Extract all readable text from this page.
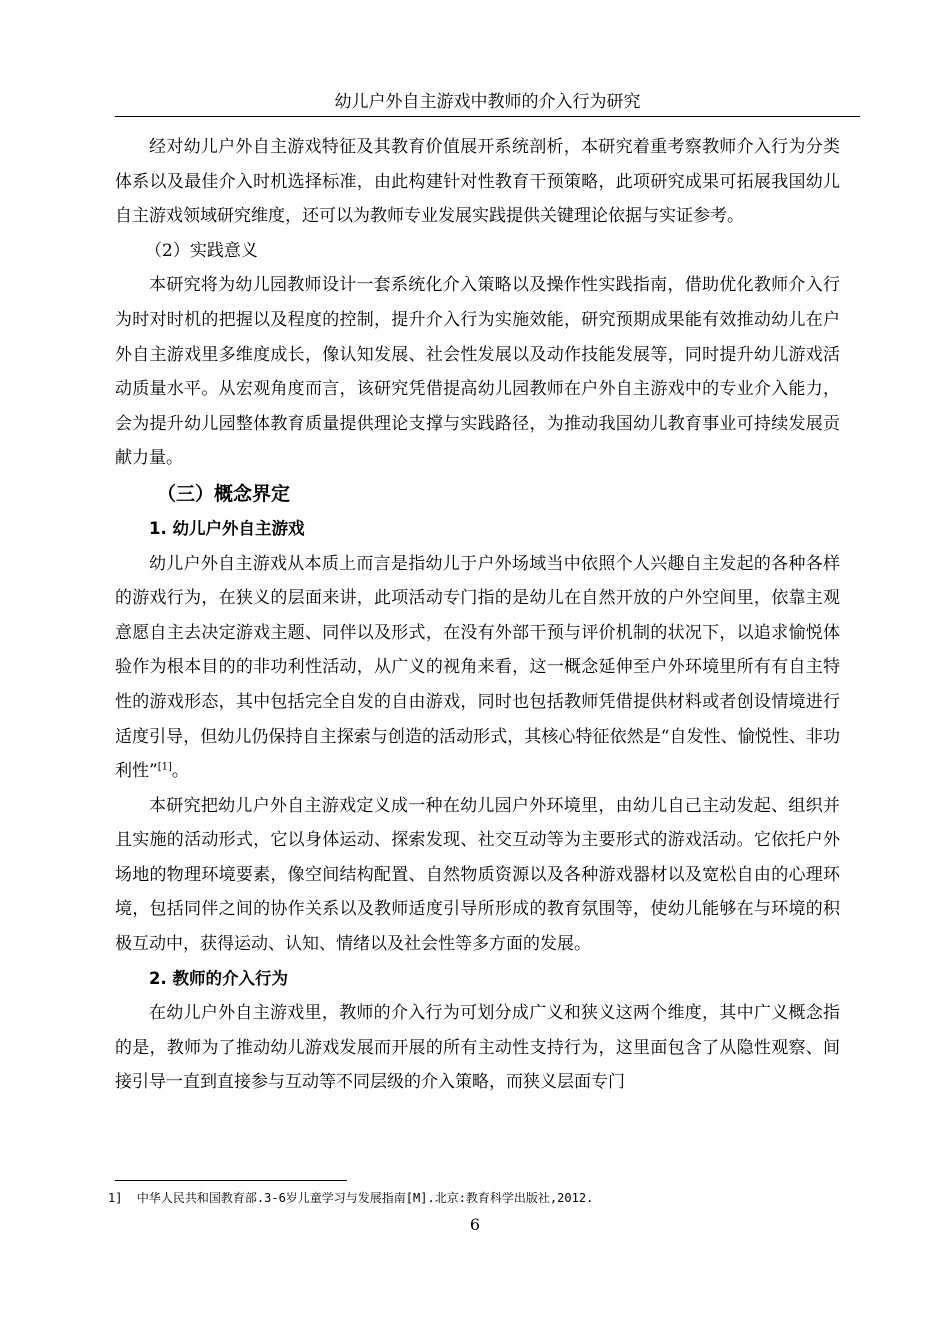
幼儿户外自主游戏中教师的介入行为研究

经对幼儿户外自主游戏特征及其教育价值展开系统剖析，本研究着重考察教师介入行为分类体系以及最佳介入时机选择标准，由此构建针对性教育干预策略，此项研究成果可拓展我国幼儿自主游戏领域研究维度，还可以为教师专业发展实践提供关键理论依据与实证参考。

（2）实践意义

本研究将为幼儿园教师设计一套系统化介入策略以及操作性实践指南，借助优化教师介入行为时对时机的把握以及程度的控制，提升介入行为实施效能，研究预期成果能有效推动幼儿在户外自主游戏里多维度成长，像认知发展、社会性发展以及动作技能发展等，同时提升幼儿游戏活动质量水平。从宏观角度而言，该研究凭借提高幼儿园教师在户外自主游戏中的专业介入能力，会为提升幼儿园整体教育质量提供理论支撑与实践路径，为推动我国幼儿教育事业可持续发展贡献力量。

（三）概念界定

1. 幼儿户外自主游戏

幼儿户外自主游戏从本质上而言是指幼儿于户外场域当中依照个人兴趣自主发起的各种各样的游戏行为，在狭义的层面来讲，此项活动专门指的是幼儿在自然开放的户外空间里，依靠主观意愿自主去决定游戏主题、同伴以及形式，在没有外部干预与评价机制的状况下，以追求愉悦体验作为根本目的的非功利性活动，从广义的视角来看，这一概念延伸至户外环境里所有有自主特性的游戏形态，其中包括完全自发的自由游戏，同时也包括教师凭借提供材料或者创设情境进行适度引导，但幼儿仍保持自主探索与创造的活动形式，其核心特征依然是“自发性、愉悦性、非功利性”[1]。

本研究把幼儿户外自主游戏定义成一种在幼儿园户外环境里，由幼儿自己主动发起、组织并且实施的活动形式，它以身体运动、探索发现、社交互动等为主要形式的游戏活动。它依托户外场地的物理环境要素，像空间结构配置、自然物质资源以及各种游戏器材以及宽松自由的心理环境，包括同伴之间的协作关系以及教师适度引导所形成的教育氛围等，使幼儿能够在与环境的积极互动中，获得运动、认知、情绪以及社会性等多方面的发展。

2. 教师的介入行为

在幼儿户外自主游戏里，教师的介入行为可划分成广义和狭义这两个维度，其中广义概念指的是，教师为了推动幼儿游戏发展而开展的所有主动性支持行为，这里面包含了从隐性观察、间接引导一直到直接参与互动等不同层级的介入策略，而狭义层面专门

1] 中华人民共和国教育部.3-6岁儿童学习与发展指南[M].北京:教育科学出版社,2012.
6
